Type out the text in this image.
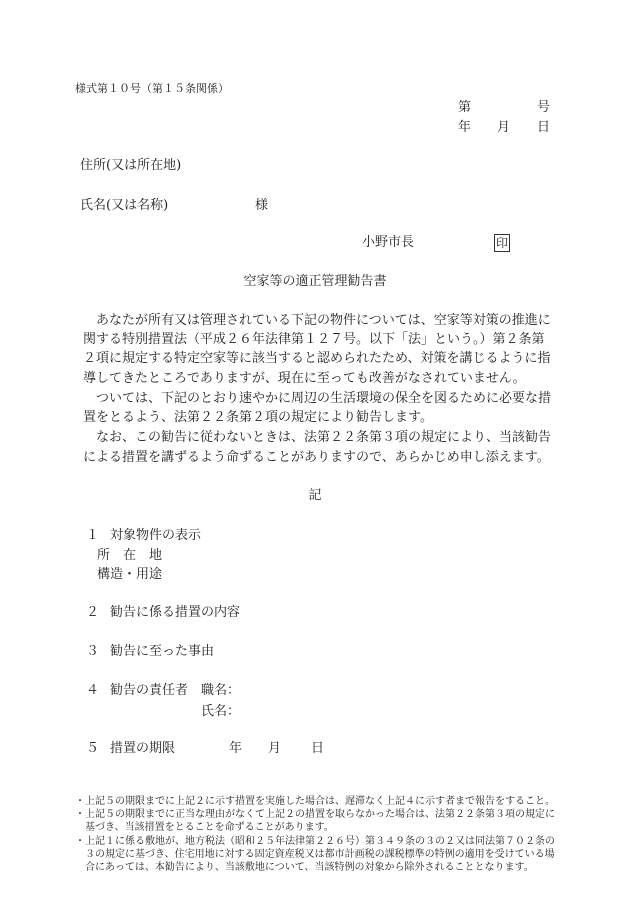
様式第１０号（第１５条関係）
第	号
年 月 日
住所(又は所在地)
氏名(又は名称)	様
小野市長	印
空家等の適正管理勧告書
あなたが所有又は管理されている下記の物件については、空家等対策の推進に
関する特別措置法（平成２６年法律第１２７号。以下「法」という。）第２条第
２項に規定する特定空家等に該当すると認められたため、対策を講じるように指
導してきたところでありますが、現在に至っても改善がなされていません。
ついては、下記のとおり速やかに周辺の生活環境の保全を図るために必要な措
置をとるよう、法第２２条第２項の規定により勧告します。
なお、この勧告に従わないときは、法第２２条第３項の規定により、当該勧告
による措置を講ずるよう命ずることがありますので、あらかじめ申し添えます。
記
１ 対象物件の表示
所　在　地
構造・用途
２ 勧告に係る措置の内容
３ 勧告に至った事由
４ 勧告の責任者 職名：
氏名：
５ 措置の期限	年 月 日
・上記５の期限までに上記２に示す措置を実施した場合は、遅滞なく上記４に示す者まで報告をすること。
・上記５の期限までに正当な理由がなくて上記２の措置を取らなかった場合は、法第２２条第３項の規定に
基づき、当該措置をとることを命ずることがあります。
・上記１に係る敷地が、地方税法（昭和２５年法律第２２６号）第３４９条の３の２又は同法第７０２条の
３の規定に基づき、住宅用地に対する固定資産税又は都市計画税の課税標準の特例の適用を受けている場
合にあっては、本勧告により、当該敷地について、当該特例の対象から除外されることとなります。
